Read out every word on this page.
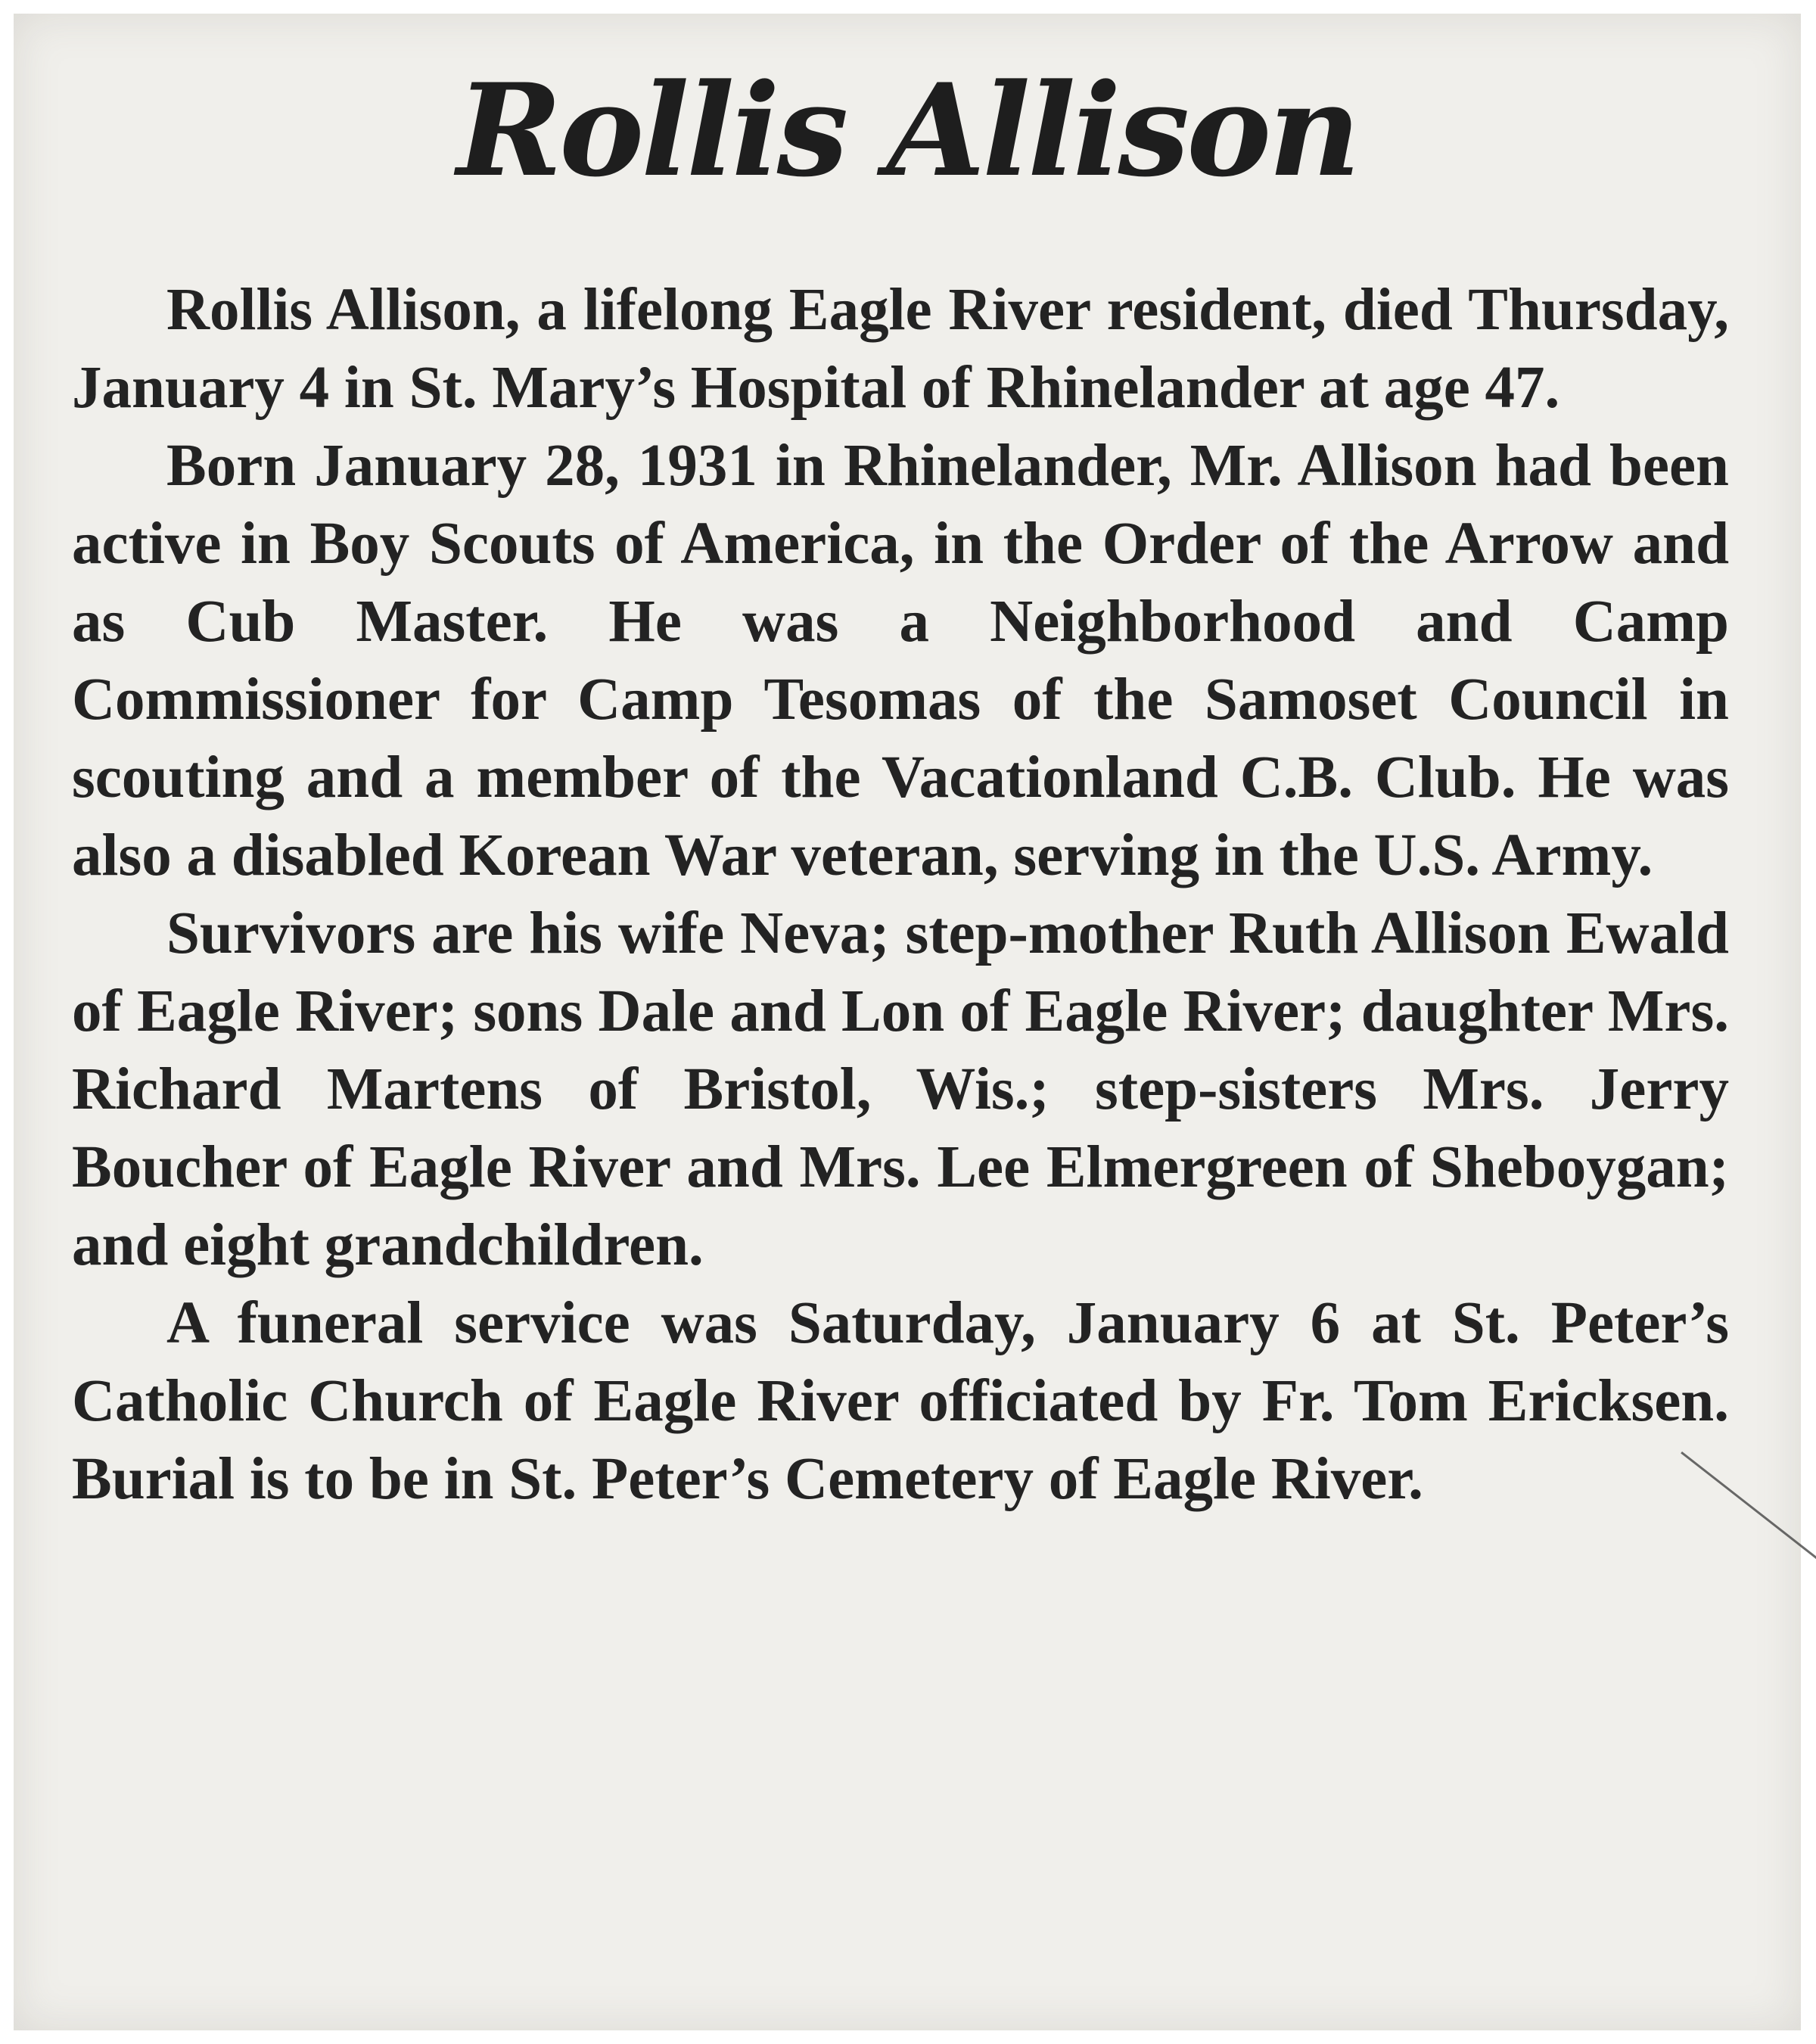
Rollis Allison

Rollis Allison, a lifelong Eagle River resident, died Thursday, January 4 in St. Mary’s Hospital of Rhinelander at age 47.

Born January 28, 1931 in Rhinelander, Mr. Allison had been active in Boy Scouts of America, in the Order of the Arrow and as Cub Master. He was a Neighborhood and Camp Commissioner for Camp Tesomas of the Samoset Council in scouting and a member of the Vacationland C.B. Club. He was also a disabled Korean War veteran, serving in the U.S. Army.

Survivors are his wife Neva; step-mother Ruth Allison Ewald of Eagle River; sons Dale and Lon of Eagle River; daughter Mrs. Richard Martens of Bristol, Wis.; step-sisters Mrs. Jerry Boucher of Eagle River and Mrs. Lee Elmergreen of Sheboygan; and eight grandchildren.

A funeral service was Saturday, January 6 at St. Peter’s Catholic Church of Eagle River officiated by Fr. Tom Ericksen. Burial is to be in St. Peter’s Cemetery of Eagle River.
